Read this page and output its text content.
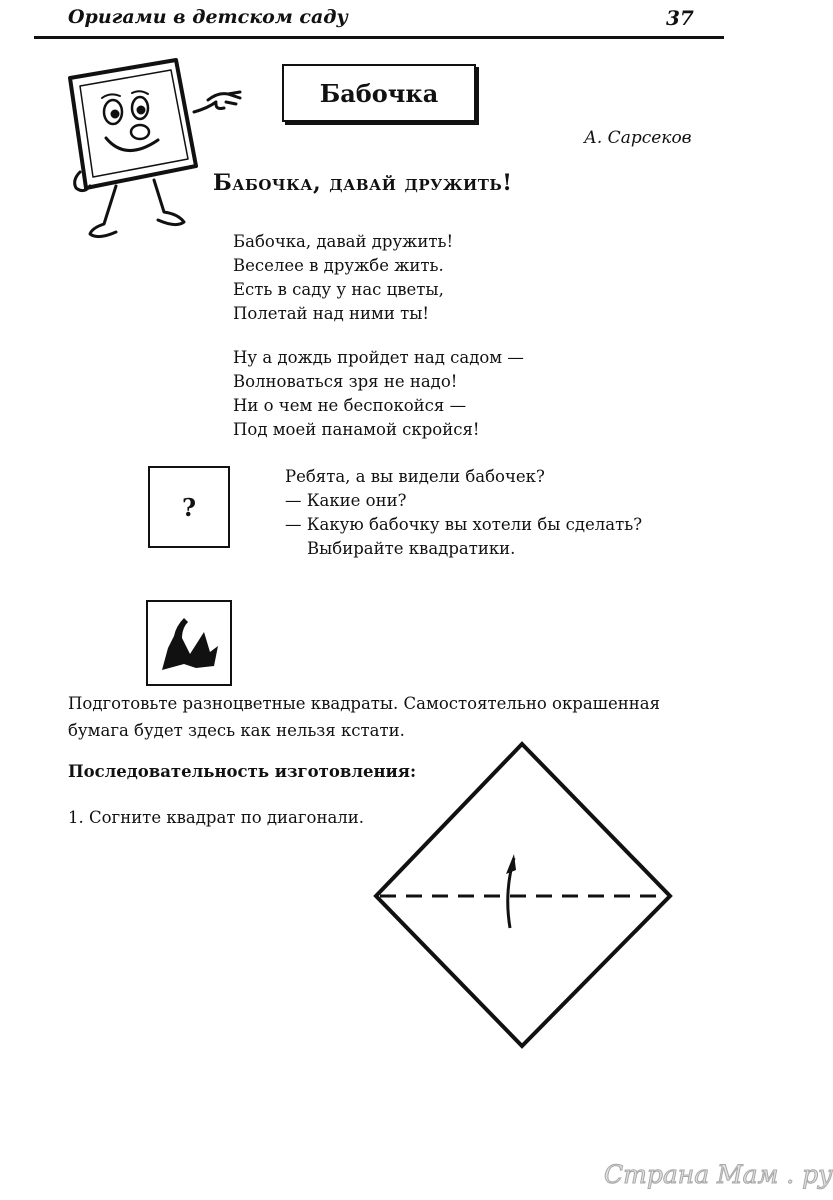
Оригами в детском саду	37
Бабочка
А. Сарсеков
Бабочка, давай дружить!
Бабочка, давай дружить!
Веселее в дружбе жить.
Есть в саду у нас цветы,
Полетай над ними ты!
Ну а дождь пройдет над садом —
Волноваться зря не надо!
Ни о чем не беспокойся —
Под моей панамой скройся!
?
Ребята, а вы видели бабочек?
— Какие они?
— Какую бабочку вы хотели бы сделать? Выбирайте квадратики.
Подготовьте разноцветные квадраты. Самостоятельно окрашенная бумага будет здесь как нельзя кстати.
Последовательность изготовления:
1. Согните квадрат по диагонали.
Страна Мам . ру
